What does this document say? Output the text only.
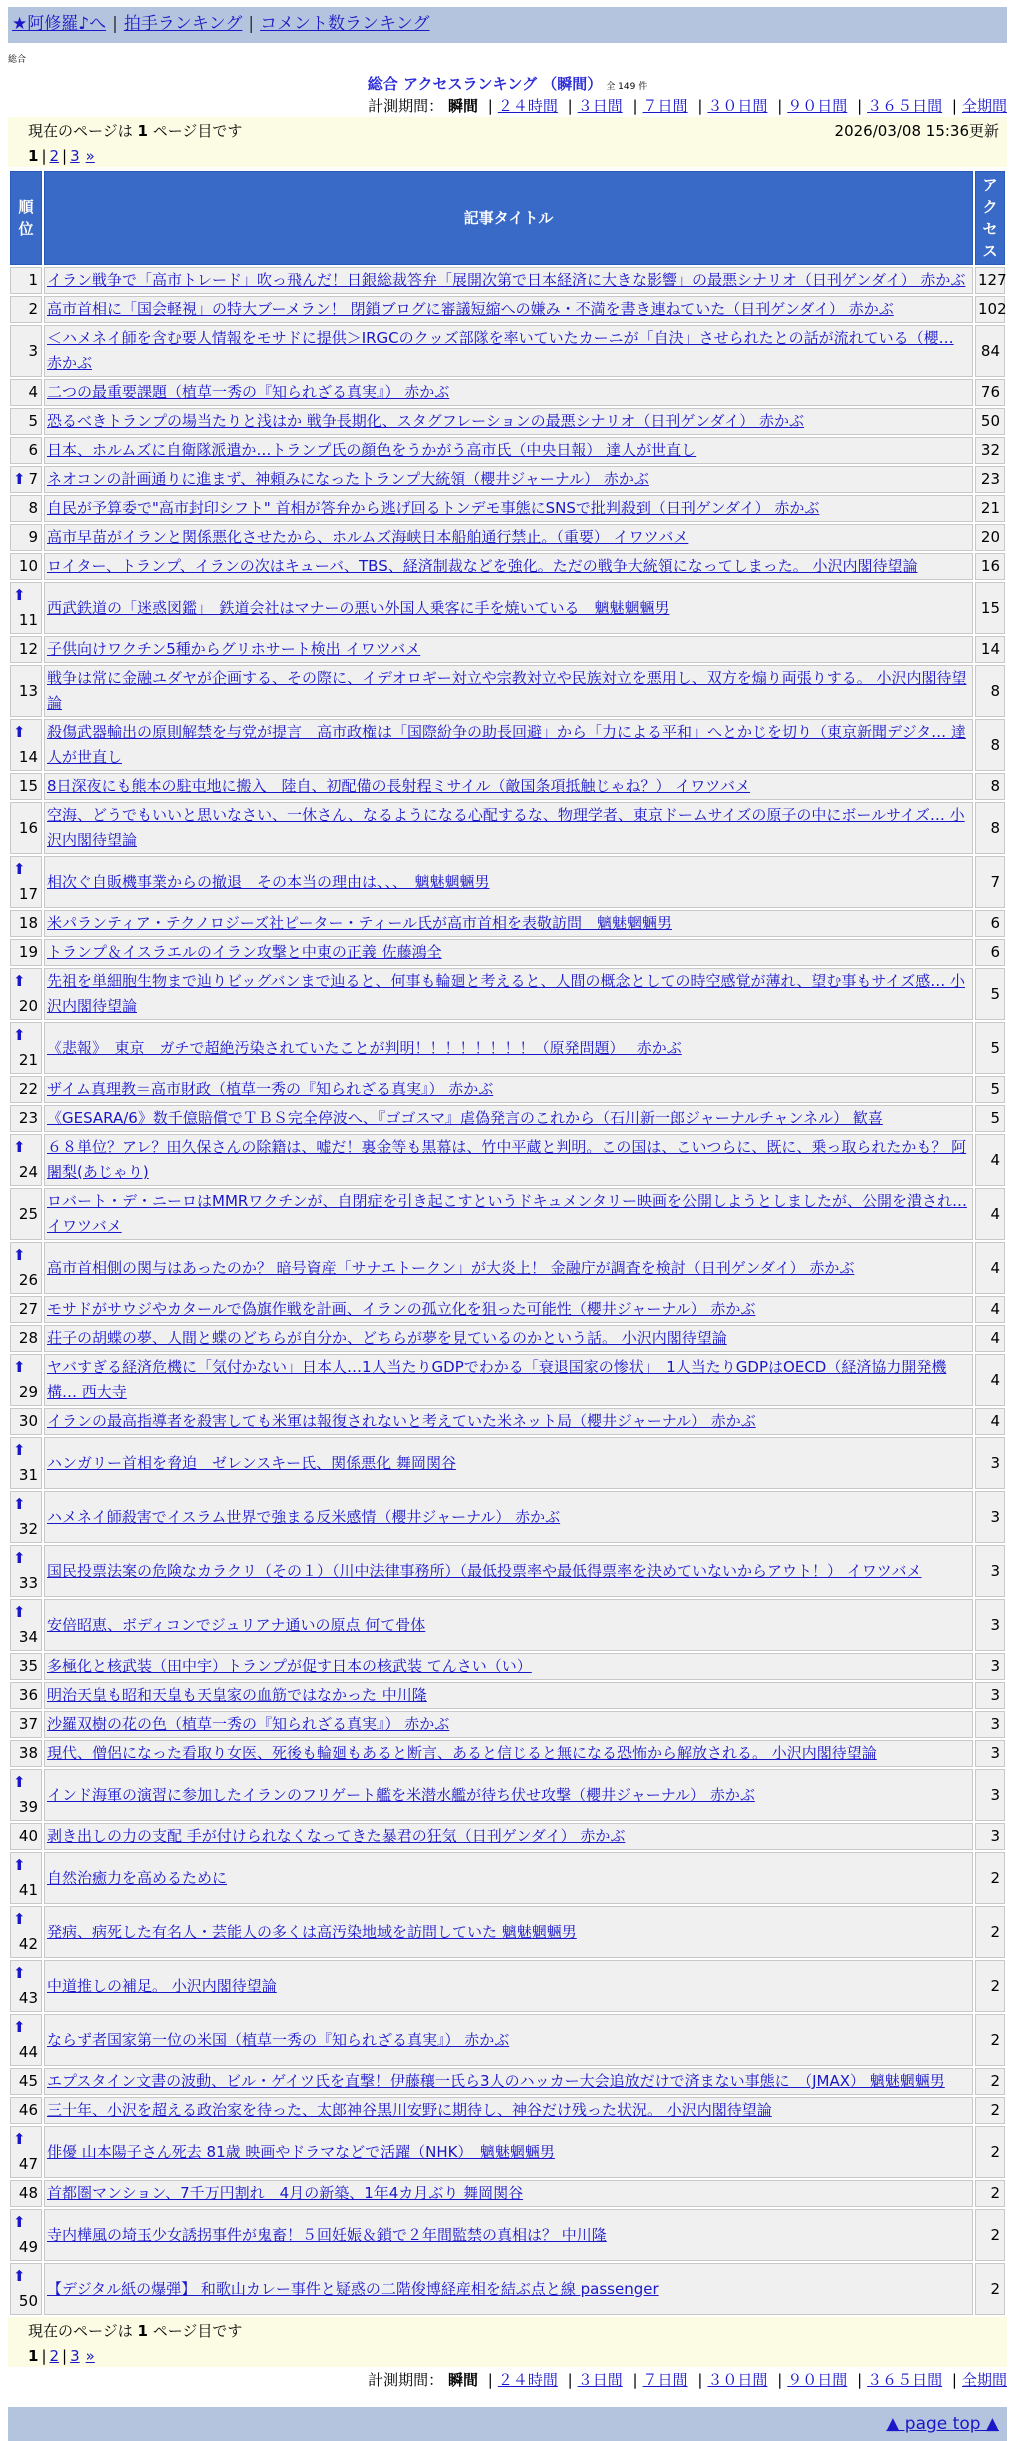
★阿修羅♪へ | 拍手ランキング | コメント数ランキング
総合
総合 アクセスランキング （瞬間） 全 149 件
計測期間： 瞬間 | ２４時間 | ３日間 | ７日間 | ３０日間 | ９０日間 | ３６５日間 | 全期間
現在のページは 1 ページ目です	2026/03/08 15:36更新
1 | 2 | 3 »
順位	記事タイトル	アクセス
1	イラン戦争で「高市トレード」吹っ飛んだ！日銀総裁答弁「展開次第で日本経済に大きな影響」の最悪シナリオ（日刊ゲンダイ） 赤かぶ	127
2	高市首相に「国会軽視」の特大ブーメラン！ 閉鎖ブログに審議短縮への嫌み・不満を書き連ねていた（日刊ゲンダイ） 赤かぶ	102
3	＜ハメネイ師を含む要人情報をモサドに提供＞IRGCのクッズ部隊を率いていたカーニが「自決」させられたとの話が流れている（櫻… 赤かぶ	84
4	二つの最重要課題（植草一秀の『知られざる真実』） 赤かぶ	76
5	恐るべきトランプの場当たりと浅はか 戦争長期化、スタグフレーションの最悪シナリオ（日刊ゲンダイ） 赤かぶ	50
6	日本、ホルムズに自衛隊派遣か…トランプ氏の顔色をうかがう高市氏（中央日報） 達人が世直し	32

⬆ 7	ネオコンの計画通りに進まず、神頼みになったトランプ大統領（櫻井ジャーナル） 赤かぶ	23
8	自民が予算委で"高市封印シフト" 首相が答弁から逃げ回るトンデモ事態にSNSで批判殺到（日刊ゲンダイ） 赤かぶ	21
9	高市早苗がイランと関係悪化させたから、ホルムズ海峡日本船舶通行禁止。（重要） イワツバメ	20
10	ロイター、トランプ、イランの次はキューバ、TBS、経済制裁などを強化。ただの戦争大統領になってしまった。 小沢内閣待望論	16

⬆
11	西武鉄道の「迷惑図鑑」　鉄道会社はマナーの悪い外国人乗客に手を焼いている　魑魅魍魎男	15
12	子供向けワクチン5種からグリホサート検出 イワツバメ	14
13	戦争は常に金融ユダヤが企画する、その際に、イデオロギー対立や宗教対立や民族対立を悪用し、双方を煽り両張りする。 小沢内閣待望論	8

⬆
14	殺傷武器輸出の原則解禁を与党が提言　高市政権は「国際紛争の助長回避」から「力による平和」へとかじを切り（東京新聞デジタ… 達人が世直し	8
15	8日深夜にも熊本の駐屯地に搬入　陸自、初配備の長射程ミサイル（敵国条項抵触じゃね？） イワツバメ	8
16	空海、どうでもいいと思いなさい、一休さん、なるようになる心配するな、物理学者、東京ドームサイズの原子の中にボールサイズ… 小沢内閣待望論	8

⬆
17	相次ぐ自販機事業からの撤退　その本当の理由は、、、　魑魅魍魎男	7
18	米パランティア・テクノロジーズ社ピーター・ティール氏が高市首相を表敬訪問　魑魅魍魎男	6
19	トランプ＆イスラエルのイラン攻撃と中東の正義 佐藤鴻全	6

⬆
20	先祖を単細胞生物まで辿りビッグバンまで辿ると、何事も輪廻と考えると、人間の概念としての時空感覚が薄れ、望む事もサイズ感… 小沢内閣待望論	5

⬆
21	《悲報》　東京　ガチで超絶汚染されていたことが判明！！！！！！！！（原発問題）　 赤かぶ	5
22	ザイム真理教＝高市財政（植草一秀の『知られざる真実』） 赤かぶ	5
23	《GESARA/6》数千億賠償でＴＢＳ完全停波へ、『ゴゴスマ』虐偽発言のこれから（石川新一郎ジャーナルチャンネル） 歓喜	5

⬆
24	６８単位？アレ？田久保さんの除籍は、嘘だ！裏金等も黒幕は、竹中平蔵と判明。この国は、こいつらに、既に、乗っ取られたかも？ 阿闍梨(あじゃり)	4
25	ロバート・デ・ニーロはMMRワクチンが、自閉症を引き起こすというドキュメンタリー映画を公開しようとしましたが、公開を潰され… イワツバメ	4

⬆
26	高市首相側の関与はあったのか？ 暗号資産「サナエトークン」が大炎上！ 金融庁が調査を検討（日刊ゲンダイ） 赤かぶ	4
27	モサドがサウジやカタールで偽旗作戦を計画、イランの孤立化を狙った可能性（櫻井ジャーナル） 赤かぶ	4
28	荘子の胡蝶の夢、人間と蝶のどちらが自分か、どちらが夢を見ているのかという話。 小沢内閣待望論	4

⬆
29	ヤバすぎる経済危機に「気付かない」日本人…1人当たりGDPでわかる「衰退国家の惨状」　1人当たりGDPはOECD（経済協力開発機構… 西大寺	4
30	イランの最高指導者を殺害しても米軍は報復されないと考えていた米ネット局（櫻井ジャーナル） 赤かぶ	4

⬆
31	ハンガリー首相を脅迫　ゼレンスキー氏、関係悪化 舞岡関谷	3

⬆
32	ハメネイ師殺害でイスラム世界で強まる反米感情（櫻井ジャーナル） 赤かぶ	3

⬆
33	国民投票法案の危険なカラクリ（その１）（川中法律事務所）（最低投票率や最低得票率を決めていないからアウト！） イワツバメ	3

⬆
34	安倍昭恵、ボディコンでジュリアナ通いの原点 何て骨体	3
35	多極化と核武装（田中宇）トランプが促す日本の核武装 てんさい（い）	3
36	明治天皇も昭和天皇も天皇家の血筋ではなかった 中川隆	3
37	沙羅双樹の花の色（植草一秀の『知られざる真実』） 赤かぶ	3
38	現代、僧侶になった看取り女医、死後も輪廻もあると断言、あると信じると無になる恐怖から解放される。 小沢内閣待望論	3

⬆
39	インド海軍の演習に参加したイランのフリゲート艦を米潜水艦が待ち伏せ攻撃（櫻井ジャーナル） 赤かぶ	3
40	剥き出しの力の支配 手が付けられなくなってきた暴君の狂気（日刊ゲンダイ） 赤かぶ	3

⬆
41	自然治癒力を高めるために	2

⬆
42	発病、病死した有名人・芸能人の多くは高汚染地域を訪問していた 魑魅魍魎男	2

⬆
43	中道推しの補足。 小沢内閣待望論	2

⬆
44	ならず者国家第一位の米国（植草一秀の『知られざる真実』） 赤かぶ	2
45	エプスタイン文書の波動、ビル・ゲイツ氏を直撃！伊藤穰一氏ら3人のハッカー大会追放だけで済まない事態に　（JMAX） 魑魅魍魎男	2
46	三十年、小沢を超える政治家を待った、太郎神谷黒川安野に期待し、神谷だけ残った状況。 小沢内閣待望論	2

⬆
47	俳優 山本陽子さん死去 81歳 映画やドラマなどで活躍（NHK）　魑魅魍魎男	2
48	首都圏マンション、7千万円割れ　4月の新築、1年4カ月ぶり 舞岡関谷	2

⬆
49	寺内樺風の埼玉少女誘拐事件が鬼畜！５回妊娠＆鎖で２年間監禁の真相は？ 中川隆	2

⬆
50	【デジタル紙の爆弾】 和歌山カレー事件と疑惑の二階俊博経産相を結ぶ点と線 passenger	2
現在のページは 1 ページ目です
1 | 2 | 3 »
計測期間： 瞬間 | ２４時間 | ３日間 | ７日間 | ３０日間 | ９０日間 | ３６５日間 | 全期間
▲ page top ▲
